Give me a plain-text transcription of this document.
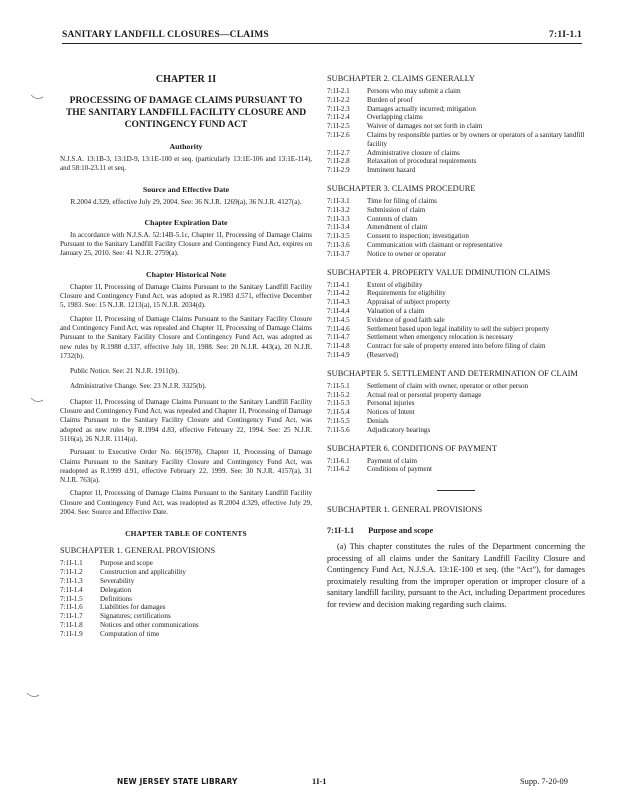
SANITARY LANDFILL CLOSURES—CLAIMS	7:1I-1.1
CHAPTER 1I
PROCESSING OF DAMAGE CLAIMS PURSUANT TO THE SANITARY LANDFILL FACILITY CLOSURE AND CONTINGENCY FUND ACT
Authority
N.J.S.A. 13:1B-3, 13:1D-9, 13:1E-100 et seq. (particularly 13:1E-106 and 13:1E-114), and 58:10-23.11 et seq.
Source and Effective Date
R.2004 d.329, effective July 29, 2004. See: 36 N.J.R. 1269(a), 36 N.J.R. 4127(a).
Chapter Expiration Date
In accordance with N.J.S.A. 52:14B-5.1c, Chapter 1I, Processing of Damage Claims Pursuant to the Sanitary Landfill Facility Closure and Contingency Fund Act, expires on January 25, 2010. See: 41 N.J.R. 2759(a).
Chapter Historical Note

Chapter 1I, Processing of Damage Claims Pursuant to the Sanitary Landfill Facility Closure and Contingency Fund Act, was adopted as R.1983 d.571, effective December 5, 1983. See: 15 N.J.R. 1213(a), 15 N.J.R. 2034(d).

Chapter 1I, Processing of Damage Claims Pursuant to the Sanitary Facility Closure and Contingency Fund Act, was repealed and Chapter 1I, Processing of Damage Claims Pursuant to the Sanitary Facility Closure and Contingency Fund Act, was adopted as new rules by R.1988 d.337, effective July 18, 1988. See: 20 N.J.R. 443(a), 20 N.J.R. 1732(b).

Public Notice. See: 21 N.J.R. 1911(b).

Administrative Change. See: 23 N.J.R. 3325(b).

Chapter 1I, Processing of Damage Claims Pursuant to the Sanitary Landfill Facility Closure and Contingency Fund Act, was repealed and Chapter 1I, Processing of Damage Claims Pursuant to the Sanitary Facility Closure and Contingency Fund Act, was adopted as new rules by R.1994 d.83, effective February 22, 1994. See: 25 N.J.R. 5116(a), 26 N.J.R. 1114(a).

Pursuant to Executive Order No. 66(1978), Chapter 1I, Processing of Damage Claims Pursuant to the Sanitary Facility Closure and Contingency Fund Act, was readopted as R.1999 d.91, effective February 22, 1999. See: 30 N.J.R. 4157(a), 31 N.J.R. 763(a).

Chapter 1I, Processing of Damage Claims Pursuant to the Sanitary Landfill Facility Closure and Contingency Fund Act, was readopted as R.2004 d.329, effective July 29, 2004. See: Source and Effective Date.

CHAPTER TABLE OF CONTENTS
SUBCHAPTER 1. GENERAL PROVISIONS
7:1I-1.1	Purpose and scope
7:1I-1.2	Construction and applicability
7:1I-1.3	Severability
7:1I-1.4	Delegation
7:1I-1.5	Definitions
7:1I-1.6	Liabilities for damages
7:1I-1.7	Signatures; certifications
7:1I-1.8	Notices and other communications
7:1I-1.9	Computation of time
SUBCHAPTER 2. CLAIMS GENERALLY
7:1I-2.1	Persons who may submit a claim
7:1I-2.2	Burden of proof
7:1I-2.3	Damages actually incurred; mitigation
7:1I-2.4	Overlapping claims
7:1I-2.5	Waiver of damages not set forth in claim
7:1I-2.6	Claims by responsible parties or by owners or operators of a sanitary landfill facility
7:1I-2.7	Administrative closure of claims
7:1I-2.8	Relaxation of procedural requirements
7:1I-2.9	Imminent hazard
SUBCHAPTER 3. CLAIMS PROCEDURE
7:1I-3.1	Time for filing of claims
7:1I-3.2	Submission of claim
7:1I-3.3	Contents of claim
7:1I-3.4	Amendment of claim
7:1I-3.5	Consent to inspection; investigation
7:1I-3.6	Communication with claimant or representative
7:1I-3.7	Notice to owner or operator
SUBCHAPTER 4. PROPERTY VALUE DIMINUTION CLAIMS
7:1I-4.1	Extent of eligibility
7:1I-4.2	Requirements for eligibility
7:1I-4.3	Appraisal of subject property
7:1I-4.4	Valuation of a claim
7:1I-4.5	Evidence of good faith sale
7:1I-4.6	Settlement based upon legal inability to sell the subject property
7:1I-4.7	Settlement when emergency relocation is necessary
7:1I-4.8	Contract for sale of property entered into before filing of claim
7:1I-4.9	(Reserved)
SUBCHAPTER 5. SETTLEMENT AND DETERMINATION OF CLAIM
7:1I-5.1	Settlement of claim with owner, operator or other person
7:1I-5.2	Actual real or personal property damage
7:1I-5.3	Personal injuries
7:1I-5.4	Notices of Intent
7:1I-5.5	Denials
7:1I-5.6	Adjudicatory hearings
SUBCHAPTER 6. CONDITIONS OF PAYMENT
7:1I-6.1	Payment of claim
7:1I-6.2	Conditions of payment
SUBCHAPTER 1. GENERAL PROVISIONS
7:1I-1.1 Purpose and scope
(a) This chapter constitutes the rules of the Department concerning the processing of all claims under the Sanitary Landfill Facility Closure and Contingency Fund Act, N.J.S.A. 13:1E-100 et seq. (the “Act”), for damages proximately resulting from the improper operation or improper closure of a sanitary landfill facility, pursuant to the Act, including Department procedures for review and decision making regarding such claims.
NEW JERSEY STATE LIBRARY	1I-1	Supp. 7-20-09
